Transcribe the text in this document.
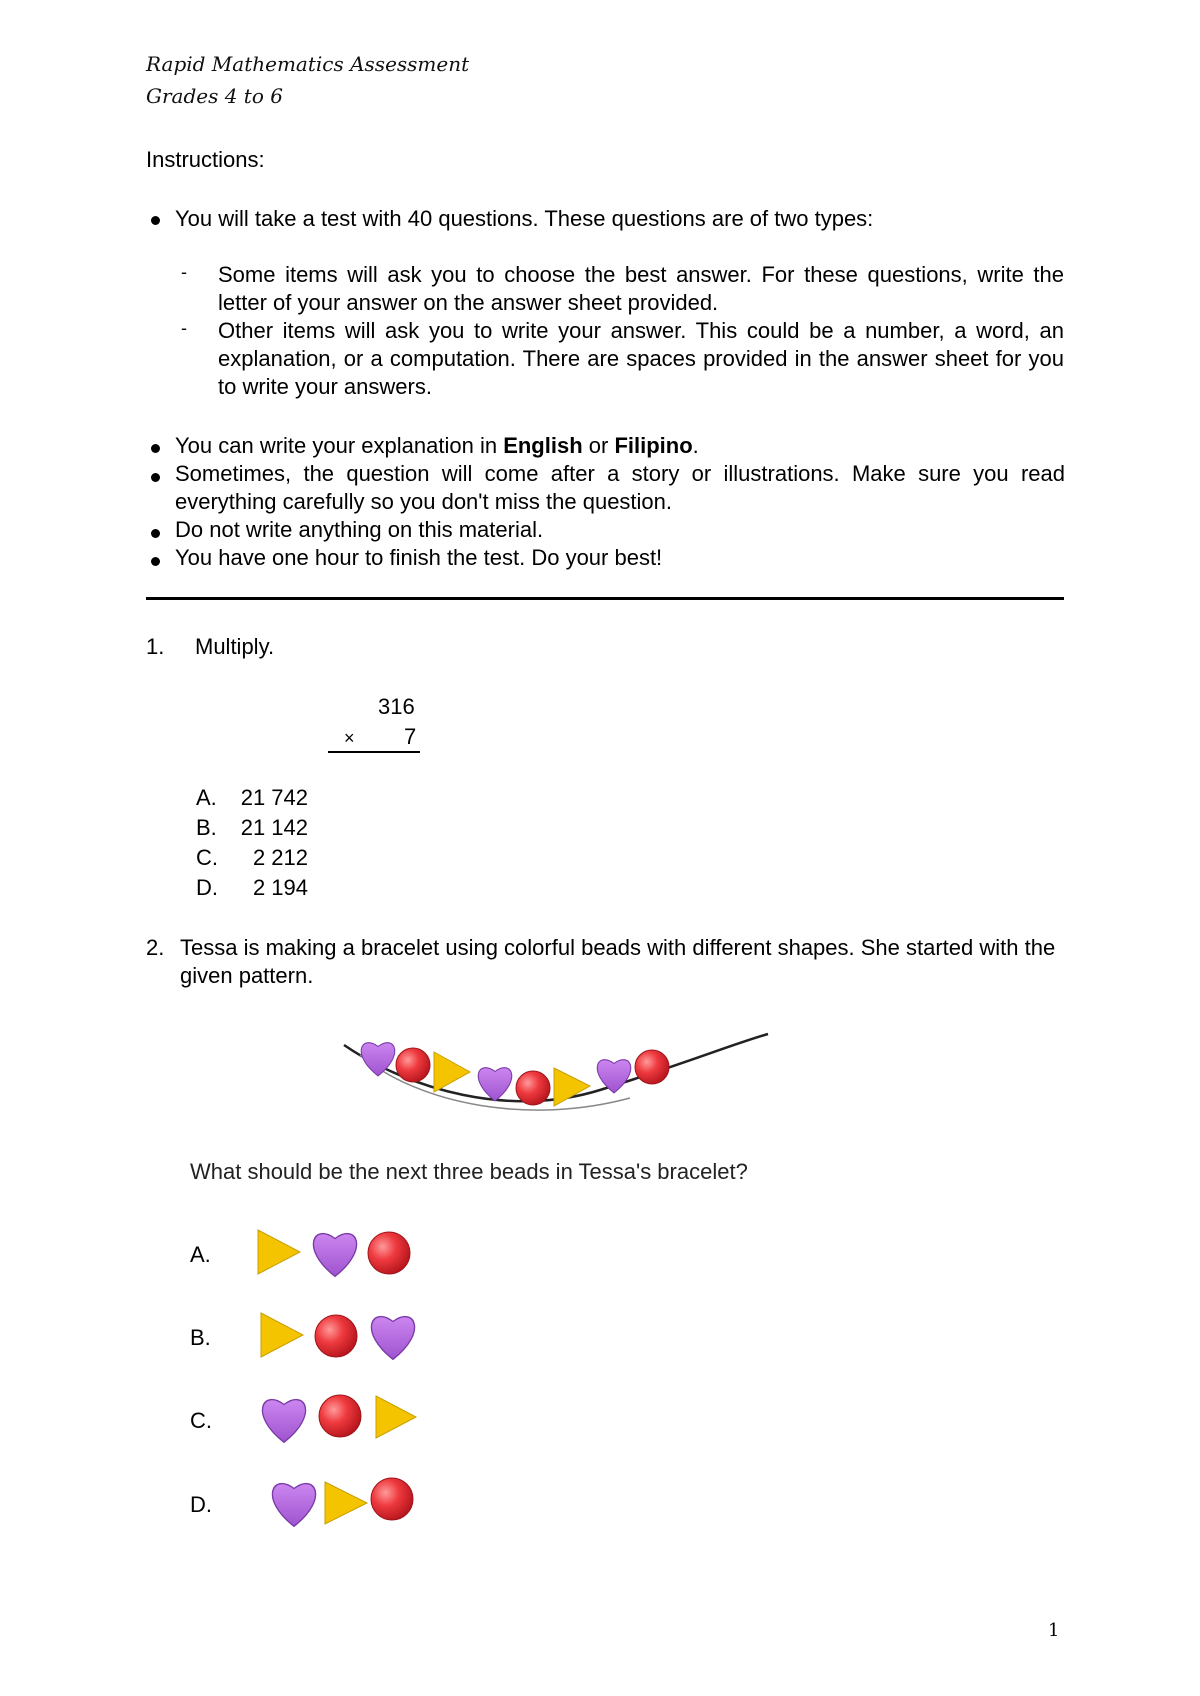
Rapid Mathematics Assessment
Grades 4 to 6
Instructions:
You will take a test with 40 questions. These questions are of two types:
- Some items will ask you to choose the best answer. For these questions, write the letter of your answer on the answer sheet provided.
- Other items will ask you to write your answer. This could be a number, a word, an explanation, or a computation. There are spaces provided in the answer sheet for you to write your answers.
You can write your explanation in English or Filipino.
Sometimes, the question will come after a story or illustrations. Make sure you read everything carefully so you don't miss the question.
Do not write anything on this material.
You have one hour to finish the test. Do your best!
1. Multiply.
316
× 7
A.	21 742
B.	21 142
C.	2 212
D.	2 194
2. Tessa is making a bracelet using colorful beads with different shapes. She started with the given pattern.
What should be the next three beads in Tessa's bracelet?
A.
B.
C.
D.
1
